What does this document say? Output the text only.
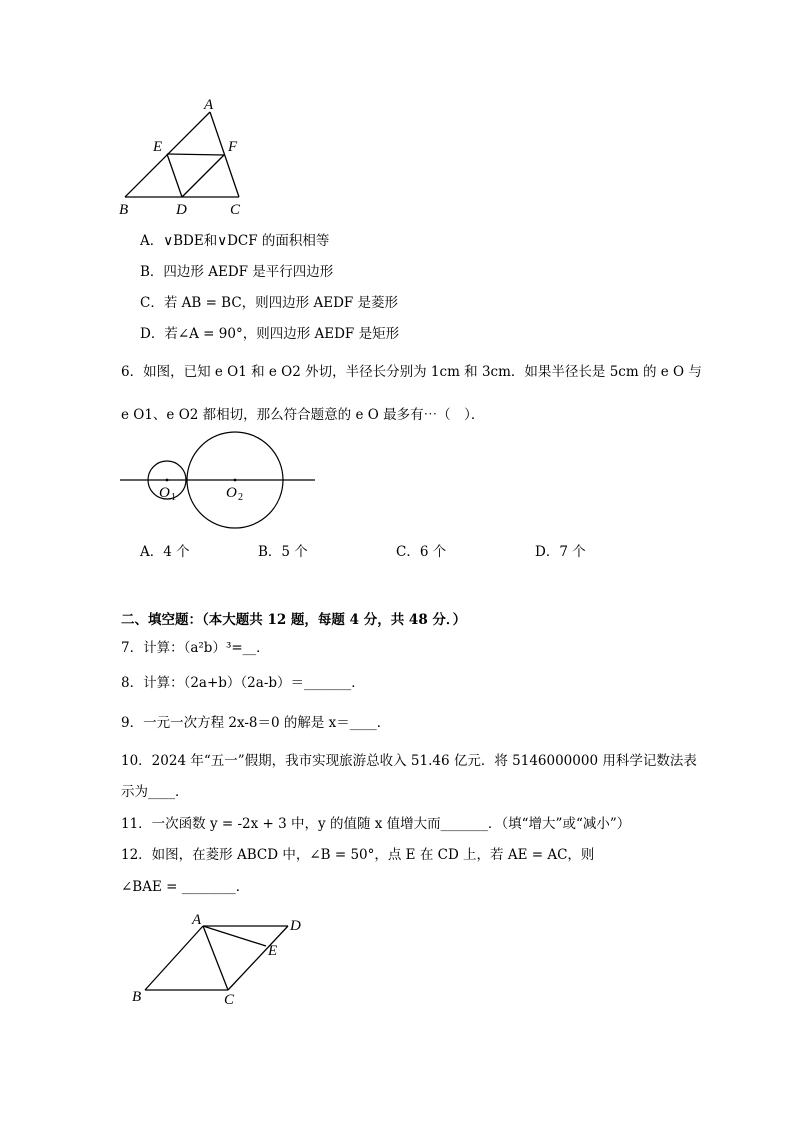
A
E	F
B	D	C
A．∨BDE和∨DCF 的面积相等
B．四边形 AEDF 是平行四边形
C．若 AB = BC，则四边形 AEDF 是菱形
D．若∠A = 90°，则四边形 AEDF 是矩形
6．如图，已知 e O1 和 e O2 外切，半径长分别为 1cm 和 3cm．如果半径长是 5cm 的 e O 与
e O1、e O2 都相切，那么符合题意的 e O 最多有⋯（　）．
O 1	O 2
A．4 个	B．5 个	C．6 个	D．7 个
二、填空题：（本大题共 12 题，每题 4 分，共 48 分．）
7．计算：（a²b）³=__．
8．计算：（2a+b）（2a-b）＝_______．
9．一元一次方程 2x-8＝0 的解是 x＝____．
10．2024 年“五一”假期，我市实现旅游总收入 51.46 亿元．将 5146000000 用科学记数法表
示为____．
11．一次函数 y = -2x + 3 中，y 的值随 x 值增大而_______．（填“增大”或“减小”）
12．如图，在菱形 ABCD 中，∠B = 50°，点 E 在 CD 上，若 AE = AC，则
∠BAE = ________．
A	D
E
B	C
